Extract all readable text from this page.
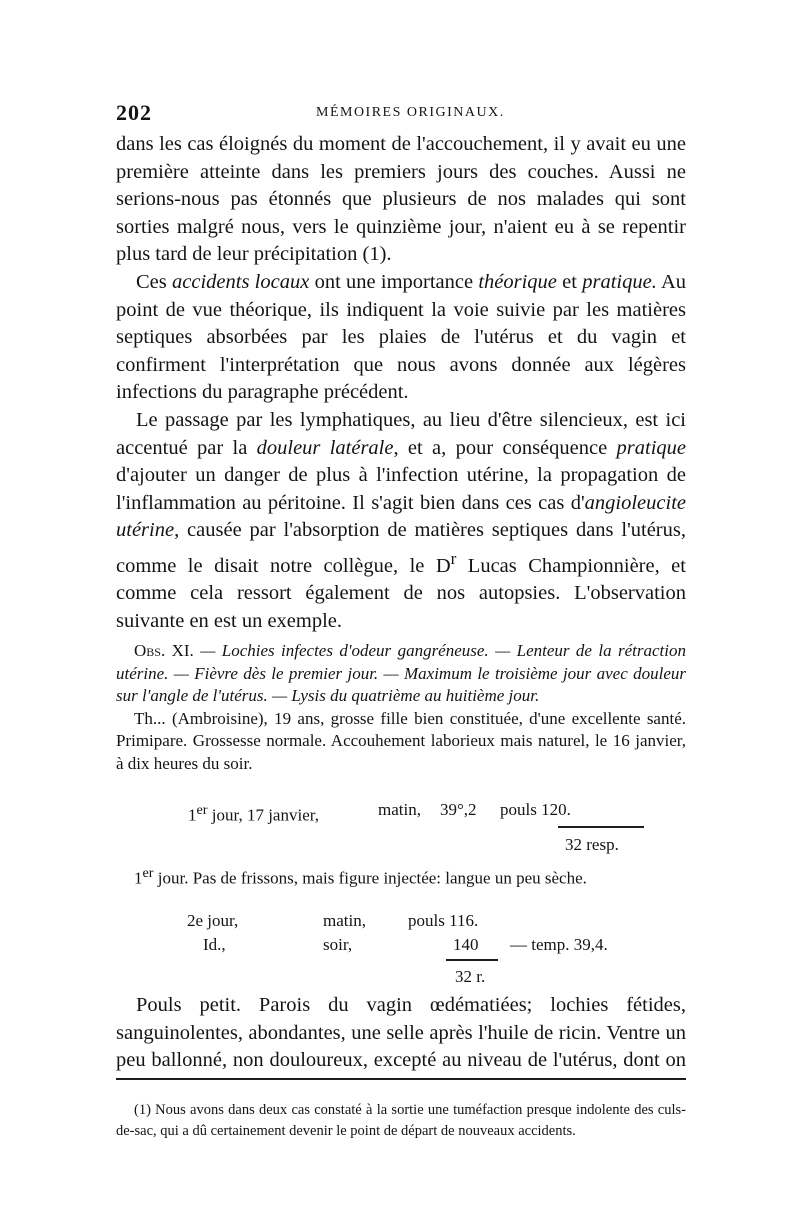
202	MÉMOIRES ORIGINAUX.

dans les cas éloignés du moment de l'accouchement, il y avait eu une première atteinte dans les premiers jours des couches. Aussi ne serions-nous pas étonnés que plusieurs de nos malades qui sont sorties malgré nous, vers le quinzième jour, n'aient eu à se repentir plus tard de leur précipitation (1).

Ces accidents locaux ont une importance théorique et pratique. Au point de vue théorique, ils indiquent la voie suivie par les matières septiques absorbées par les plaies de l'utérus et du vagin et confirment l'interprétation que nous avons donnée aux légères infections du paragraphe précédent.

Le passage par les lymphatiques, au lieu d'être silencieux, est ici accentué par la douleur latérale, et a, pour conséquence pratique d'ajouter un danger de plus à l'infection utérine, la propagation de l'inflammation au péritoine. Il s'agit bien dans ces cas d'angioleucite utérine, causée par l'absorption de matières septiques dans l'utérus, comme le disait notre collègue, le $D^r$ Lucas Championnière, et comme cela ressort également de nos autopsies. L'observation suivante en est un exemple.

Obs. XI. — Lochies infectes d'odeur gangréneuse. — Lenteur de la rétraction utérine. — Fièvre dès le premier jour. — Maximum le troisième jour avec douleur sur l'angle de l'utérus. — Lysis du quatrième au huitième jour.

Th... (Ambroisine), 19 ans, grosse fille bien constituée, d'une excellente santé. Primipare. Grossesse normale. Accouhement laborieux mais naturel, le 16 janvier, à dix heures du soir.

1er jour, 17 janvier,	matin, 39°,2 pouls 120.
32 resp.

1er jour. Pas de frissons, mais figure injectée: langue un peu sèche.

2e jour,	matin, pouls 116.
Id.,	soir,	140 — temp. 39,4.
32 r.

Pouls petit. Parois du vagin œdématiées; lochies fétides, sanguinolentes, abondantes, une selle après l'huile de ricin. Ventre un peu ballonné, non douloureux, excepté au niveau de l'utérus, dont on

(1) Nous avons dans deux cas constaté à la sortie une tuméfaction presque indolente des culs-de-sac, qui a dû certainement devenir le point de départ de nouveaux accidents.
